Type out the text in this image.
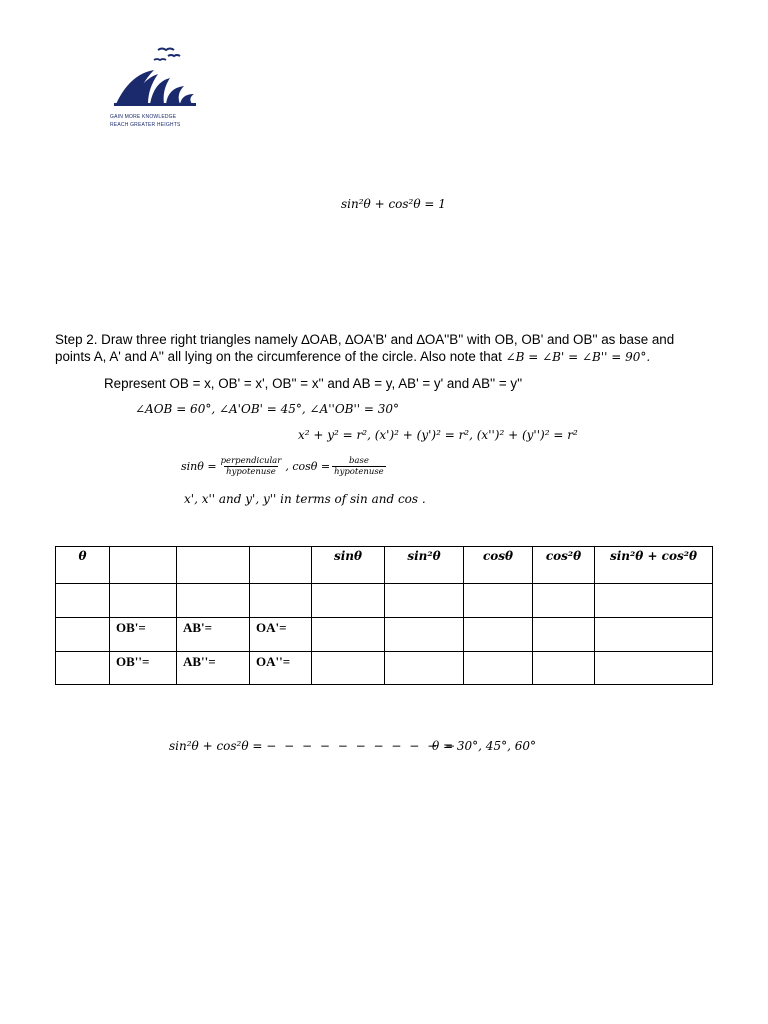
GAIN MORE KNOWLEDGE
REACH GREATER HEIGHTS
sin²θ + cos²θ = 1
Step 2. Draw three right triangles namely ∆OAB, ∆OA'B' and ∆OA''B'' with OB, OB' and OB'' as base and
points A, A' and A'' all lying on the circumference of the circle. Also note that ∠B = ∠B' = ∠B'' = 90°.
Represent OB = x, OB' = x', OB'' = x'' and AB = y, AB' = y' and AB'' = y''
∠AOB = 60°, ∠A'OB' = 45°, ∠A''OB'' = 30°
x² + y² = r², (x')² + (y')² = r², (x'')² + (y'')² = r²
$\sin\theta = \frac{\text{perpendicular}}{\text{hypotenuse}}$ , $\cos\theta = \frac{\text{base}}{\text{hypotenuse}}$
x', x'' and y', y'' in terms of sin and cos .
θ				sinθ	sin²θ	cosθ	cos²θ	sin²θ + cos²θ

	OB'=	AB'=	OA'=					
	OB''=	AB''=	OA''=					
sin²θ + cos²θ = − − − − − − − − − − −
θ = 30°, 45°, 60°
